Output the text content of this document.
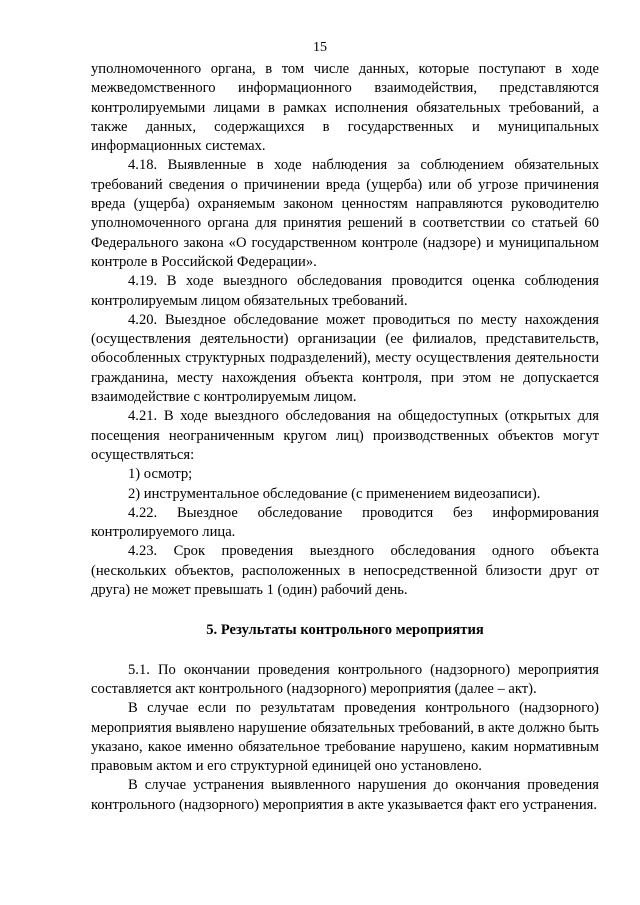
15

уполномоченного органа, в том числе данных, которые поступают в ходе межведомственного информационного взаимодействия, представляются контролируемыми лицами в рамках исполнения обязательных требований, а также данных, содержащихся в государственных и муниципальных информационных системах.

4.18. Выявленные в ходе наблюдения за соблюдением обязательных требований сведения о причинении вреда (ущерба) или об угрозе причинения вреда (ущерба) охраняемым законом ценностям направляются руководителю уполномоченного органа для принятия решений в соответствии со статьей 60 Федерального закона «О государственном контроле (надзоре) и муниципальном контроле в Российской Федерации».

4.19. В ходе выездного обследования проводится оценка соблюдения контролируемым лицом обязательных требований.

4.20. Выездное обследование может проводиться по месту нахождения (осуществления деятельности) организации (ее филиалов, представительств, обособленных структурных подразделений), месту осуществления деятельности гражданина, месту нахождения объекта контроля, при этом не допускается взаимодействие с контролируемым лицом.

4.21. В ходе выездного обследования на общедоступных (открытых для посещения неограниченным кругом лиц) производственных объектов могут осуществляться:

1) осмотр;

2) инструментальное обследование (с применением видеозаписи).

4.22. Выездное обследование проводится без информирования контролируемого лица.

4.23. Срок проведения выездного обследования одного объекта (нескольких объектов, расположенных в непосредственной близости друг от друга) не может превышать 1 (один) рабочий день.

5. Результаты контрольного мероприятия

5.1. По окончании проведения контрольного (надзорного) мероприятия составляется акт контрольного (надзорного) мероприятия (далее – акт).

В случае если по результатам проведения контрольного (надзорного) мероприятия выявлено нарушение обязательных требований, в акте должно быть указано, какое именно обязательное требование нарушено, каким нормативным правовым актом и его структурной единицей оно установлено.

В случае устранения выявленного нарушения до окончания проведения контрольного (надзорного) мероприятия в акте указывается факт его устранения.
